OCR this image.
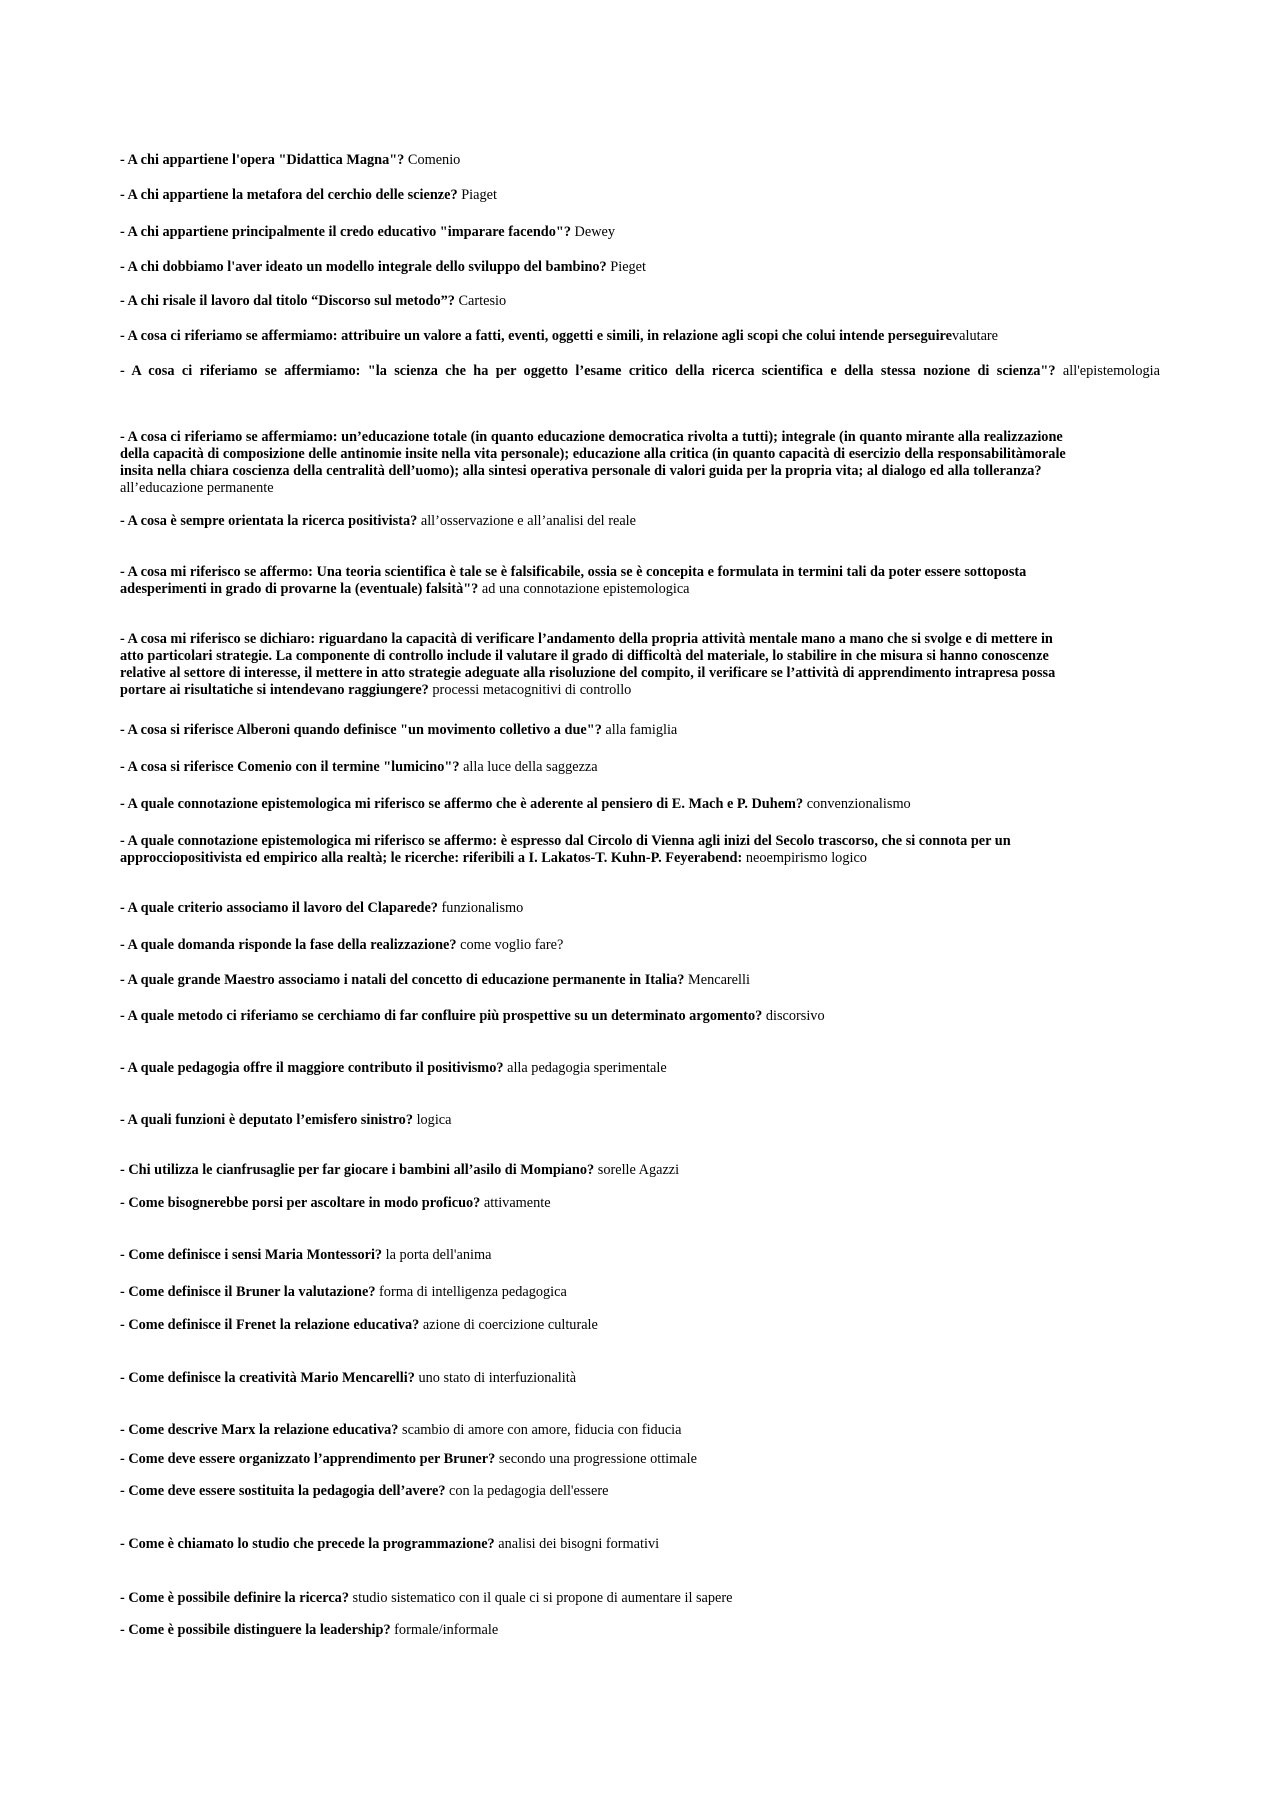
- A chi appartiene l'opera "Didattica Magna"? Comenio

- A chi appartiene la metafora del cerchio delle scienze? Piaget

- A chi appartiene principalmente il credo educativo "imparare facendo"? Dewey

- A chi dobbiamo l'aver ideato un modello integrale dello sviluppo del bambino? Pieget

- A chi risale il lavoro dal titolo “Discorso sul metodo”? Cartesio

- A cosa ci riferiamo se affermiamo: attribuire un valore a fatti, eventi, oggetti e simili, in relazione agli scopi che colui intende perseguirevalutare

- A cosa ci riferiamo se affermiamo: "la scienza che ha per oggetto l’esame critico della ricerca scientifica e della stessa nozione di scienza"? all'epistemologia

- A cosa ci riferiamo se affermiamo: un’educazione totale (in quanto educazione democratica rivolta a tutti); integrale (in quanto mirante alla realizzazione della capacità di composizione delle antinomie insite nella vita personale); educazione alla critica (in quanto capacità di esercizio della responsabilitàmorale insita nella chiara coscienza della centralità dell’uomo); alla sintesi operativa personale di valori guida per la propria vita; al dialogo ed alla tolleranza?all’educazione permanente

- A cosa è sempre orientata la ricerca positivista? all’osservazione e all’analisi del reale

- A cosa mi riferisco se affermo: Una teoria scientifica è tale se è falsificabile, ossia se è concepita e formulata in termini tali da poter essere sottoposta adesperimenti in grado di provarne la (eventuale) falsità"? ad una connotazione epistemologica

- A cosa mi riferisco se dichiaro: riguardano la capacità di verificare l’andamento della propria attività mentale mano a mano che si svolge e di mettere in atto particolari strategie. La componente di controllo include il valutare il grado di difficoltà del materiale, lo stabilire in che misura si hanno conoscenze relative al settore di interesse, il mettere in atto strategie adeguate alla risoluzione del compito, il verificare se l’attività di apprendimento intrapresa possa portare ai risultatiche si intendevano raggiungere? processi metacognitivi di controllo

- A cosa si riferisce Alberoni quando definisce "un movimento colletivo a due"? alla famiglia

- A cosa si riferisce Comenio con il termine "lumicino"? alla luce della saggezza

- A quale connotazione epistemologica mi riferisco se affermo che è aderente al pensiero di E. Mach e P. Duhem? convenzionalismo

- A quale connotazione epistemologica mi riferisco se affermo: è espresso dal Circolo di Vienna agli inizi del Secolo trascorso, che si connota per un approcciopositivista ed empirico alla realtà; le ricerche: riferibili a I. Lakatos-T. Kuhn-P. Feyerabend: neoempirismo logico

- A quale criterio associamo il lavoro del Claparede? funzionalismo

- A quale domanda risponde la fase della realizzazione? come voglio fare?

- A quale grande Maestro associamo i natali del concetto di educazione permanente in Italia? Mencarelli

- A quale metodo ci riferiamo se cerchiamo di far confluire più prospettive su un determinato argomento? discorsivo

- A quale pedagogia offre il maggiore contributo il positivismo? alla pedagogia sperimentale

- A quali funzioni è deputato l’emisfero sinistro? logica

- Chi utilizza le cianfrusaglie per far giocare i bambini all’asilo di Mompiano? sorelle Agazzi

- Come bisognerebbe porsi per ascoltare in modo proficuo? attivamente

- Come definisce i sensi Maria Montessori? la porta dell'anima

- Come definisce il Bruner la valutazione? forma di intelligenza pedagogica

- Come definisce il Frenet la relazione educativa? azione di coercizione culturale

- Come definisce la creatività Mario Mencarelli? uno stato di interfuzionalità

- Come descrive Marx la relazione educativa? scambio di amore con amore, fiducia con fiducia

- Come deve essere organizzato l’apprendimento per Bruner? secondo una progressione ottimale

- Come deve essere sostituita la pedagogia dell’avere? con la pedagogia dell'essere

- Come è chiamato lo studio che precede la programmazione? analisi dei bisogni formativi

- Come è possibile definire la ricerca? studio sistematico con il quale ci si propone di aumentare il sapere

- Come è possibile distinguere la leadership? formale/informale
